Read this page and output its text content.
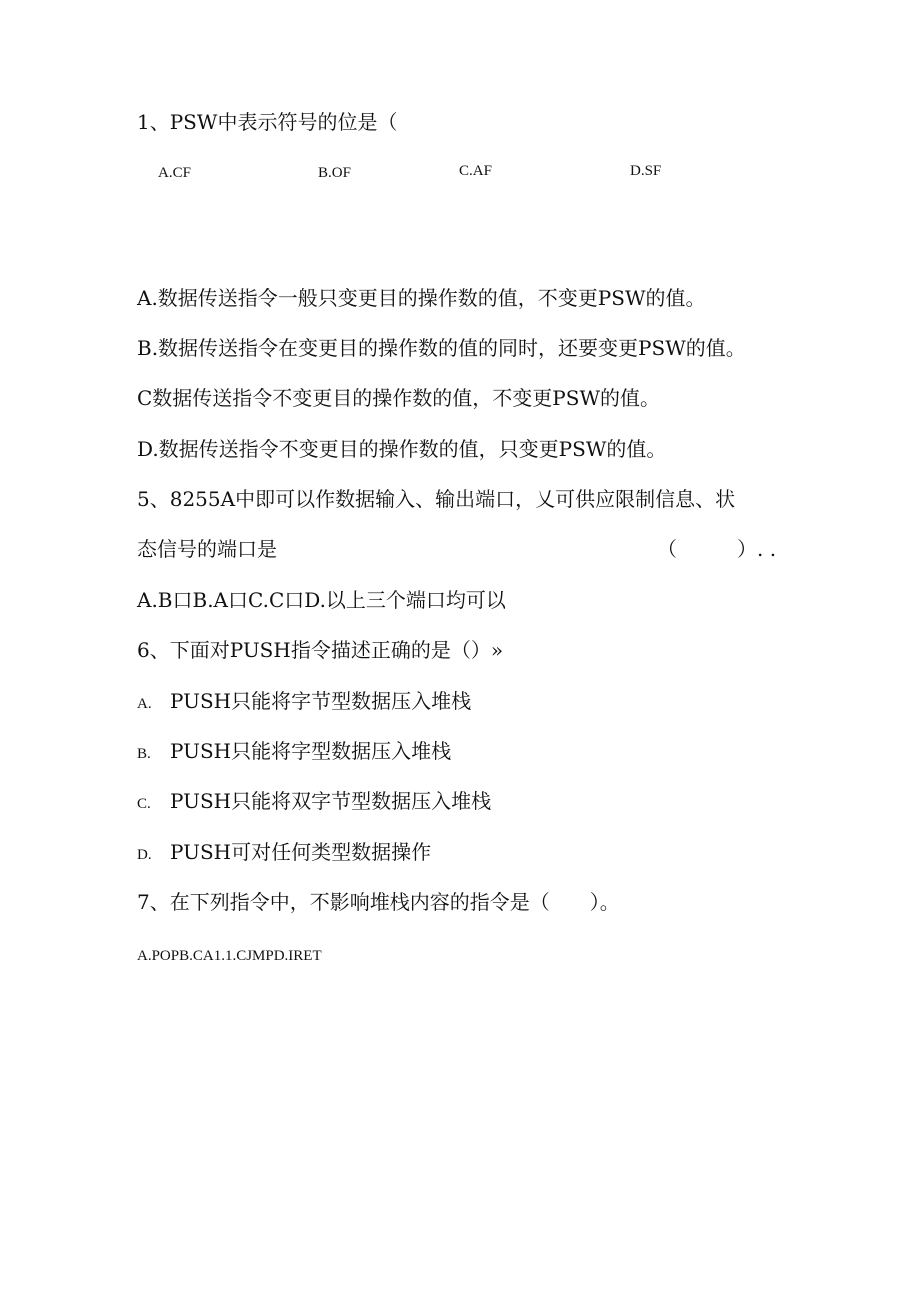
1、PSW中表示符号的位是（
A.CF	B.OF	C.AF	D.SF
A.数据传送指令一般只变更目的操作数的值，不变更PSW的值。
B.数据传送指令在变更目的操作数的值的同时，还要变更PSW的值。
C数据传送指令不变更目的操作数的值，不变更PSW的值。
D.数据传送指令不变更目的操作数的值，只变更PSW的值。
5、8255A中即可以作数据输入、输出端口，乂可供应限制信息、状
态信号的端口是	（　　　）. .
A.B口B.A口C.C口D.以上三个端口均可以
6、下面对PUSH指令描述正确的是（）»
A. PUSH只能将字节型数据压入堆栈
B. PUSH只能将字型数据压入堆栈
C. PUSH只能将双字节型数据压入堆栈
D. PUSH可对任何类型数据操作
7、在下列指令中，不影响堆栈内容的指令是（　　）。
A.POPB.CA1.1.CJMPD.IRET
